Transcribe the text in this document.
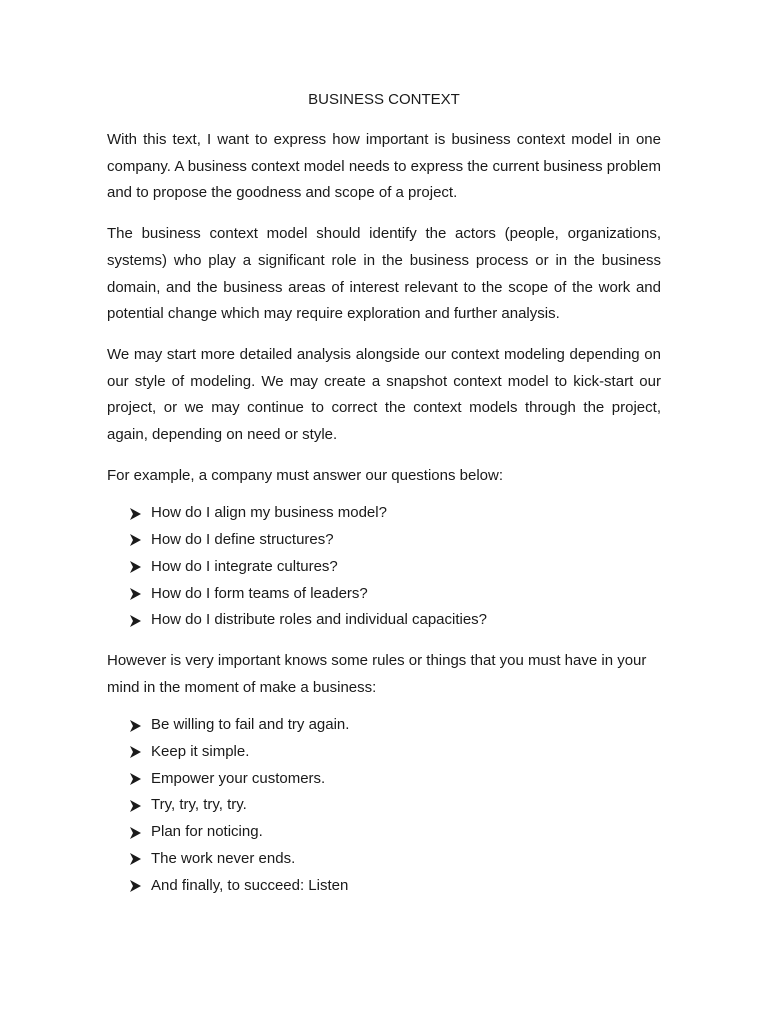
BUSINESS CONTEXT

With this text, I want to express how important is business context model in one company. A business context model needs to express the current business problem and to propose the goodness and scope of a project.

The business context model should identify the actors (people, organizations, systems) who play a significant role in the business process or in the business domain, and the business areas of interest relevant to the scope of the work and potential change which may require exploration and further analysis.

We may start more detailed analysis alongside our context modeling depending on our style of modeling. We may create a snapshot context model to kick-start our project, or we may continue to correct the context models through the project, again, depending on need or style.

For example, a company must answer our questions below:

How do I align my business model?
How do I define structures?
How do I integrate cultures?
How do I form teams of leaders?
How do I distribute roles and individual capacities?

However is very important knows some rules or things that you must have in your mind in the moment of make a business:

Be willing to fail and try again.
Keep it simple.
Empower your customers.
Try, try, try, try.
Plan for noticing.
The work never ends.
And finally, to succeed: Listen
